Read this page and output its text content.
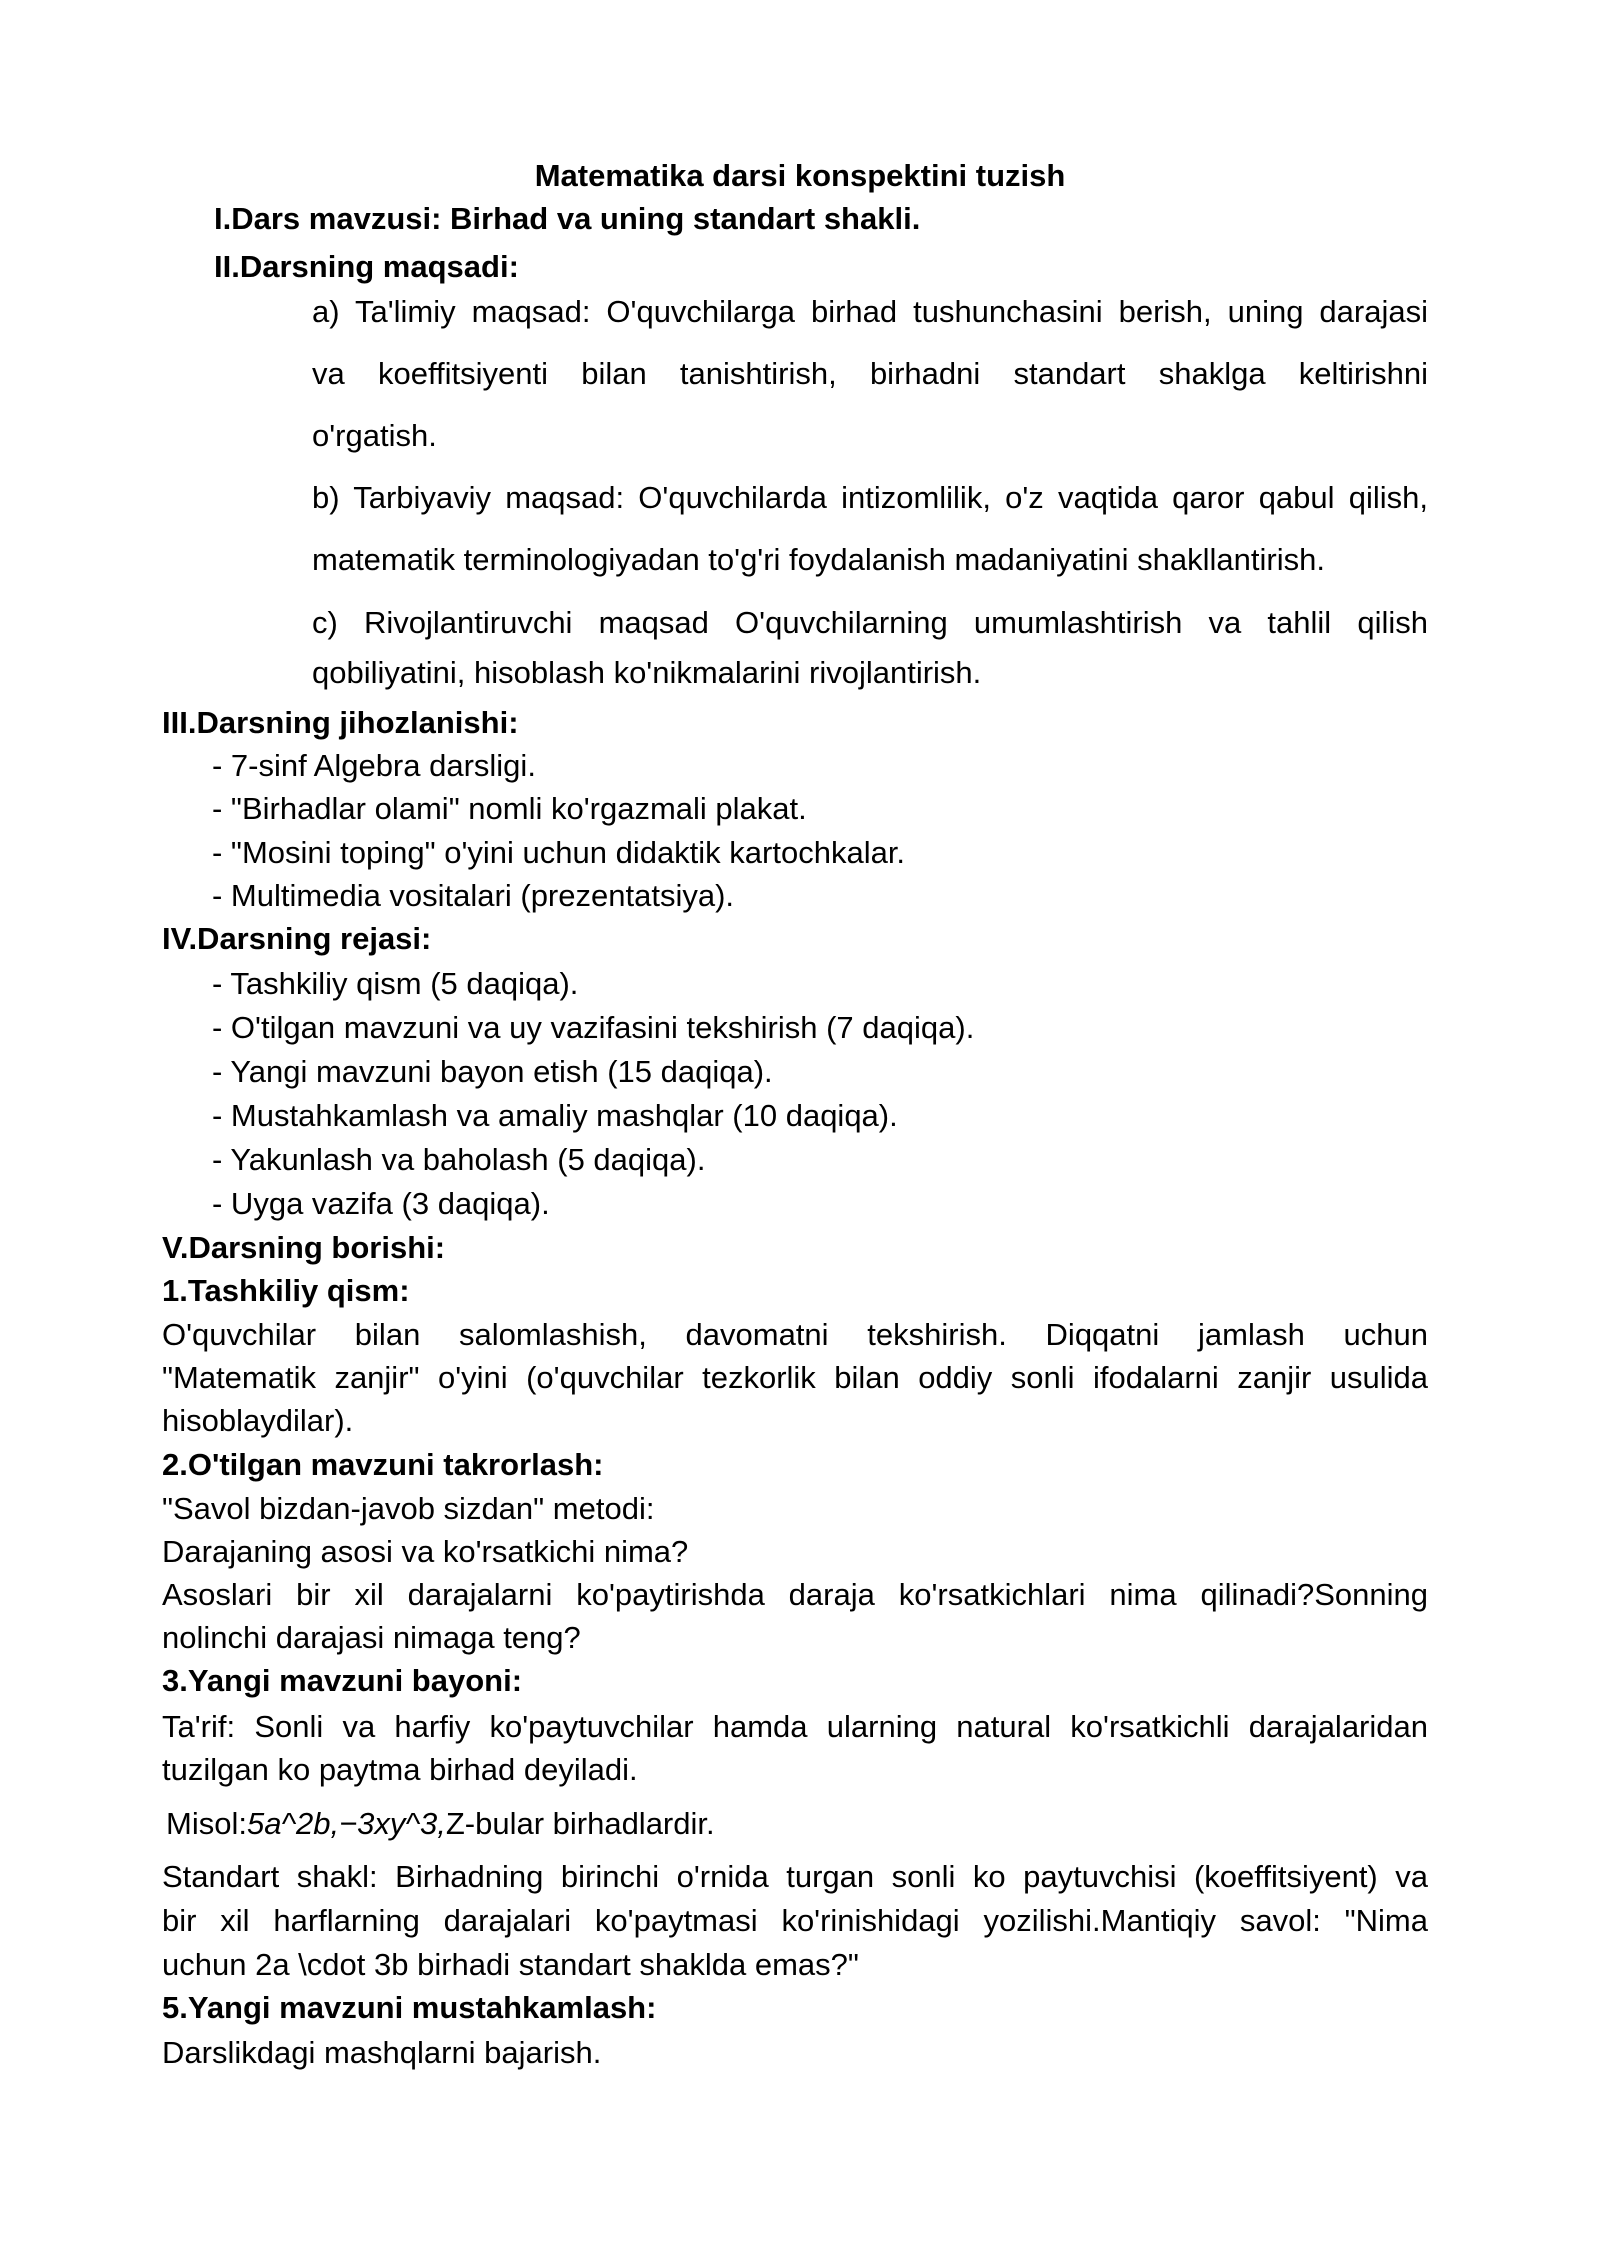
Matematika darsi konspektini tuzish
I.Dars mavzusi: Birhad va uning standart shakli.
II.Darsning maqsadi:
a) Ta'limiy maqsad: O'quvchilarga birhad tushunchasini berish, uning darajasi
va koeffitsiyenti bilan tanishtirish, birhadni standart shaklga keltirishni
o'rgatish.
b) Tarbiyaviy maqsad: O'quvchilarda intizomlilik, o'z vaqtida qaror qabul qilish,
matematik terminologiyadan to'g'ri foydalanish madaniyatini shakllantirish.
c) Rivojlantiruvchi maqsad O'quvchilarning umumlashtirish va tahlil qilish
qobiliyatini, hisoblash ko'nikmalarini rivojlantirish.
III.Darsning jihozlanishi:
- 7-sinf Algebra darsligi.
- "Birhadlar olami" nomli ko'rgazmali plakat.
- "Mosini toping" o'yini uchun didaktik kartochkalar.
- Multimedia vositalari (prezentatsiya).
IV.Darsning rejasi:
- Tashkiliy qism (5 daqiqa).
- O'tilgan mavzuni va uy vazifasini tekshirish (7 daqiqa).
- Yangi mavzuni bayon etish (15 daqiqa).
- Mustahkamlash va amaliy mashqlar (10 daqiqa).
- Yakunlash va baholash (5 daqiqa).
- Uyga vazifa (3 daqiqa).
V.Darsning borishi:
1.Tashkiliy qism:
O'quvchilar bilan salomlashish, davomatni tekshirish. Diqqatni jamlash uchun
"Matematik zanjir" o'yini (o'quvchilar tezkorlik bilan oddiy sonli ifodalarni zanjir usulida
hisoblaydilar).
2.O'tilgan mavzuni takrorlash:
"Savol bizdan-javob sizdan" metodi:
Darajaning asosi va ko'rsatkichi nima?
Asoslari bir xil darajalarni ko'paytirishda daraja ko'rsatkichlari nima qilinadi?Sonning
nolinchi darajasi nimaga teng?
3.Yangi mavzuni bayoni:
Ta'rif: Sonli va harfiy ko'paytuvchilar hamda ularning natural ko'rsatkichli darajalaridan
tuzilgan ko paytma birhad deyiladi.
Misol:5a^2b,−3xy^3,Z-bular birhadlardir.
Standart shakl: Birhadning birinchi o'rnida turgan sonli ko paytuvchisi (koeffitsiyent) va
bir xil harflarning darajalari ko'paytmasi ko'rinishidagi yozilishi.Mantiqiy savol: "Nima
uchun 2a \cdot 3b birhadi standart shaklda emas?"
5.Yangi mavzuni mustahkamlash:
Darslikdagi mashqlarni bajarish.
